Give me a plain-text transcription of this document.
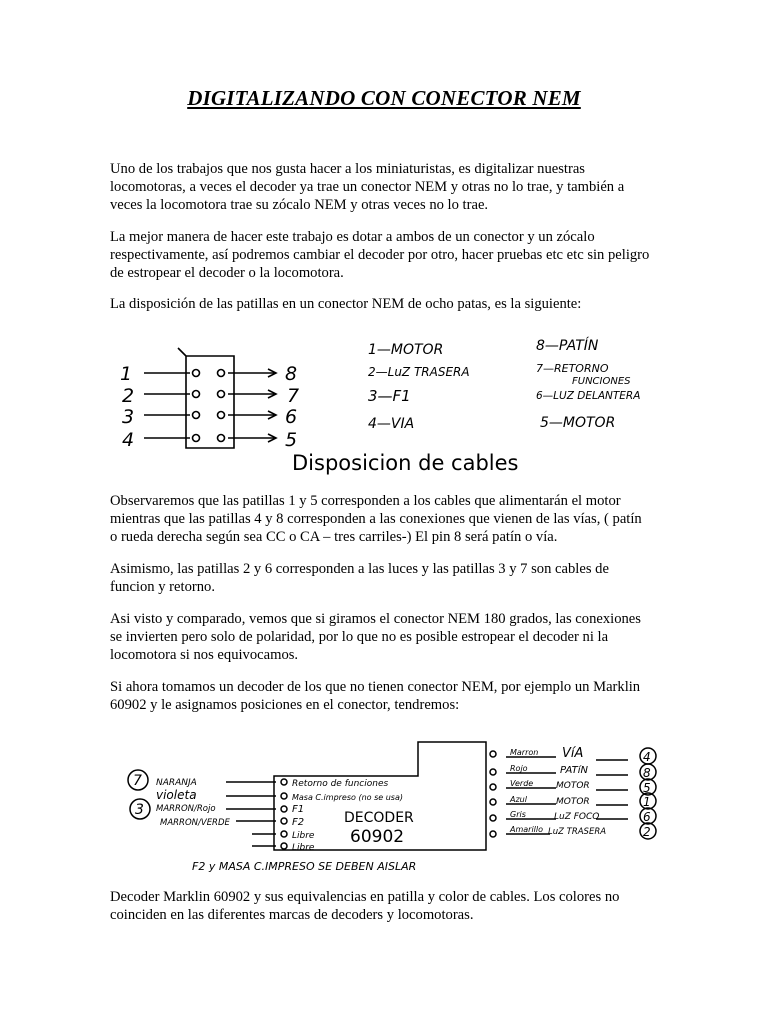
DIGITALIZANDO CON CONECTOR NEM
Uno de los trabajos que nos gusta hacer a los miniaturistas, es digitalizar nuestras locomotoras, a veces el decoder ya trae un conector NEM y otras no lo trae, y también a veces la locomotora trae su zócalo NEM y otras veces no lo trae.
La mejor manera de hacer este trabajo es dotar a ambos de un conector y un zócalo respectivamente, así podremos cambiar el decoder por otro, hacer pruebas etc etc sin peligro de estropear el decoder o la locomotora.
La disposición de las patillas en un conector NEM de ocho patas, es la siguiente:
1
2
3
4
8
7
6
5
1—MOTOR
2—LuZ TRASERA
3—F1
4—VIA
8—PATÍN
7—RETORNO
FUNCIONES
6—LUZ DELANTERA
5—MOTOR
Disposicion de cables
Observaremos que las patillas 1 y 5 corresponden a los cables que alimentarán el motor mientras que las patillas 4 y 8 corresponden a las conexiones que vienen de las vías, ( patín o rueda derecha según sea CC o CA – tres carriles-) El pin 8 será patín o vía.
Asimismo, las patillas 2 y 6 corresponden a las luces y las patillas 3 y 7 son cables de funcion y retorno.
Asi visto y comparado, vemos que si giramos el conector NEM 180 grados, las conexiones se invierten pero solo de polaridad, por lo que no es posible estropear el decoder ni la locomotora si nos equivocamos.
Si ahora tomamos un decoder de los que no tienen conector NEM, por ejemplo un Marklin 60902 y le asignamos posiciones en el conector, tendremos:
7
3
NARANJA
violeta
MARRON/Rojo
MARRON/VERDE
Retorno de funciones
Masa C.impreso (no se usa)
F1
F2
Libre
Libre
DECODER
60902
Marron
Rojo
Verde
Azul
Gris
Amarillo
VíA
PATíN
MOTOR
MOTOR
LuZ FOCO
LuZ TRASERA
4
8
5
1
6
2
F2 y MASA C.IMPRESO SE DEBEN AISLAR
Decoder Marklin 60902 y sus equivalencias en patilla y color de cables. Los colores no coinciden en las diferentes marcas de decoders y locomotoras.
